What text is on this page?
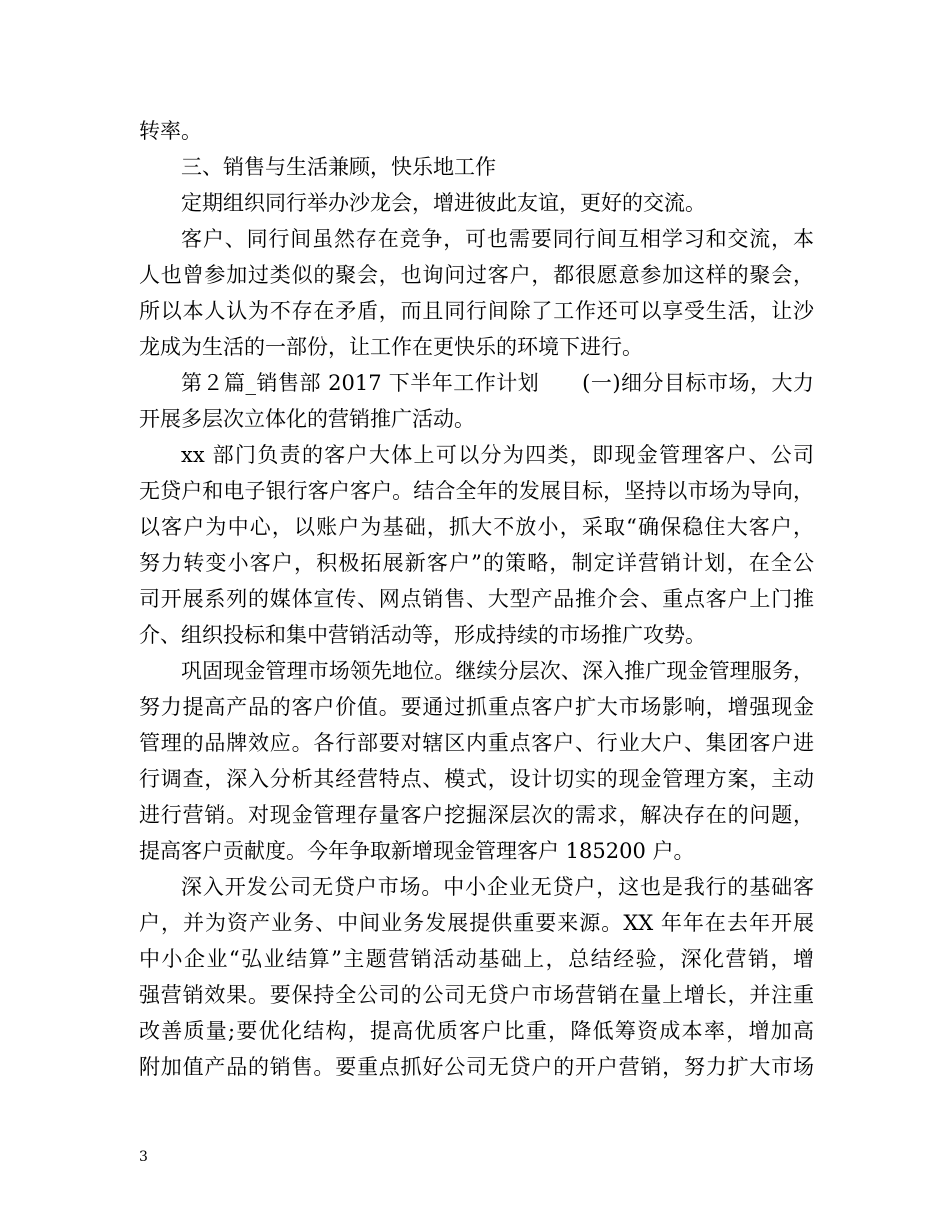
转率。
三、销售与生活兼顾，快乐地工作
定期组织同行举办沙龙会，增进彼此友谊，更好的交流。
客户、同行间虽然存在竞争，可也需要同行间互相学习和交流，本
人也曾参加过类似的聚会，也询问过客户，都很愿意参加这样的聚会，
所以本人认为不存在矛盾，而且同行间除了工作还可以享受生活，让沙
龙成为生活的一部份，让工作在更快乐的环境下进行。
第２篇_销售部 2017 下半年工作计划　　(一)细分目标市场，大力
开展多层次立体化的营销推广活动。
xx 部门负责的客户大体上可以分为四类，即现金管理客户、公司
无贷户和电子银行客户客户。结合全年的发展目标，坚持以市场为导向，
以客户为中心，以账户为基础，抓大不放小，采取“确保稳住大客户，
努力转变小客户，积极拓展新客户”的策略，制定详营销计划，在全公
司开展系列的媒体宣传、网点销售、大型产品推介会、重点客户上门推
介、组织投标和集中营销活动等，形成持续的市场推广攻势。
巩固现金管理市场领先地位。继续分层次、深入推广现金管理服务，
努力提高产品的客户价值。要通过抓重点客户扩大市场影响，增强现金
管理的品牌效应。各行部要对辖区内重点客户、行业大户、集团客户进
行调查，深入分析其经营特点、模式，设计切实的现金管理方案，主动
进行营销。对现金管理存量客户挖掘深层次的需求，解决存在的问题，
提高客户贡献度。今年争取新增现金管理客户 185200 户。
深入开发公司无贷户市场。中小企业无贷户，这也是我行的基础客
户，并为资产业务、中间业务发展提供重要来源。XX 年年在去年开展
中小企业“弘业结算”主题营销活动基础上，总结经验，深化营销，增
强营销效果。要保持全公司的公司无贷户市场营销在量上增长，并注重
改善质量;要优化结构，提高优质客户比重，降低筹资成本率，增加高
附加值产品的销售。要重点抓好公司无贷户的开户营销，努力扩大市场
3
